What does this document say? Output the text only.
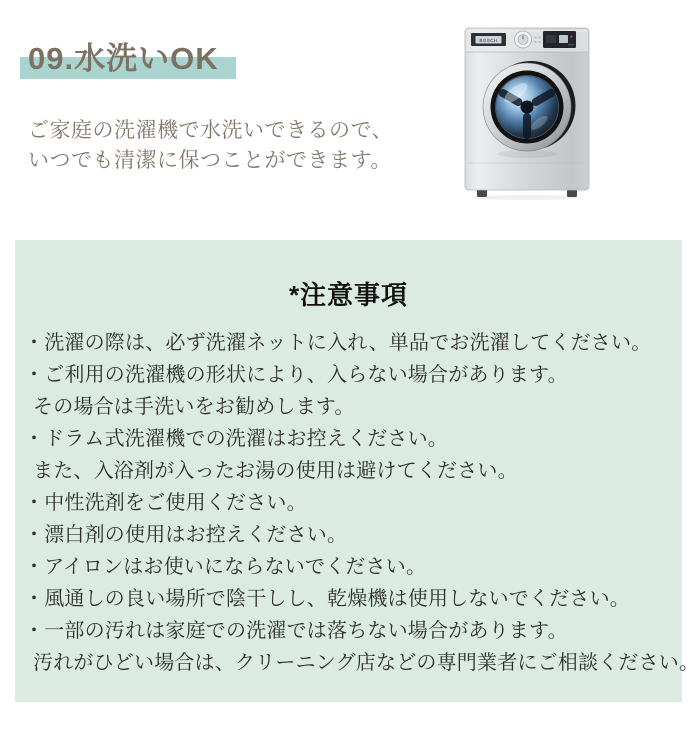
09.水洗いOK
ご家庭の洗濯機で水洗いできるので、
いつでも清潔に保つことができます。
BOSCH
*注意事項
・洗濯の際は、必ず洗濯ネットに入れ、単品でお洗濯してください。
・ご利用の洗濯機の形状により、入らない場合があります。
その場合は手洗いをお勧めします。
・ドラム式洗濯機での洗濯はお控えください。
また、入浴剤が入ったお湯の使用は避けてください。
・中性洗剤をご使用ください。
・漂白剤の使用はお控えください。
・アイロンはお使いにならないでください。
・風通しの良い場所で陰干しし、乾燥機は使用しないでください。
・一部の汚れは家庭での洗濯では落ちない場合があります。
汚れがひどい場合は、クリーニング店などの専門業者にご相談ください。
